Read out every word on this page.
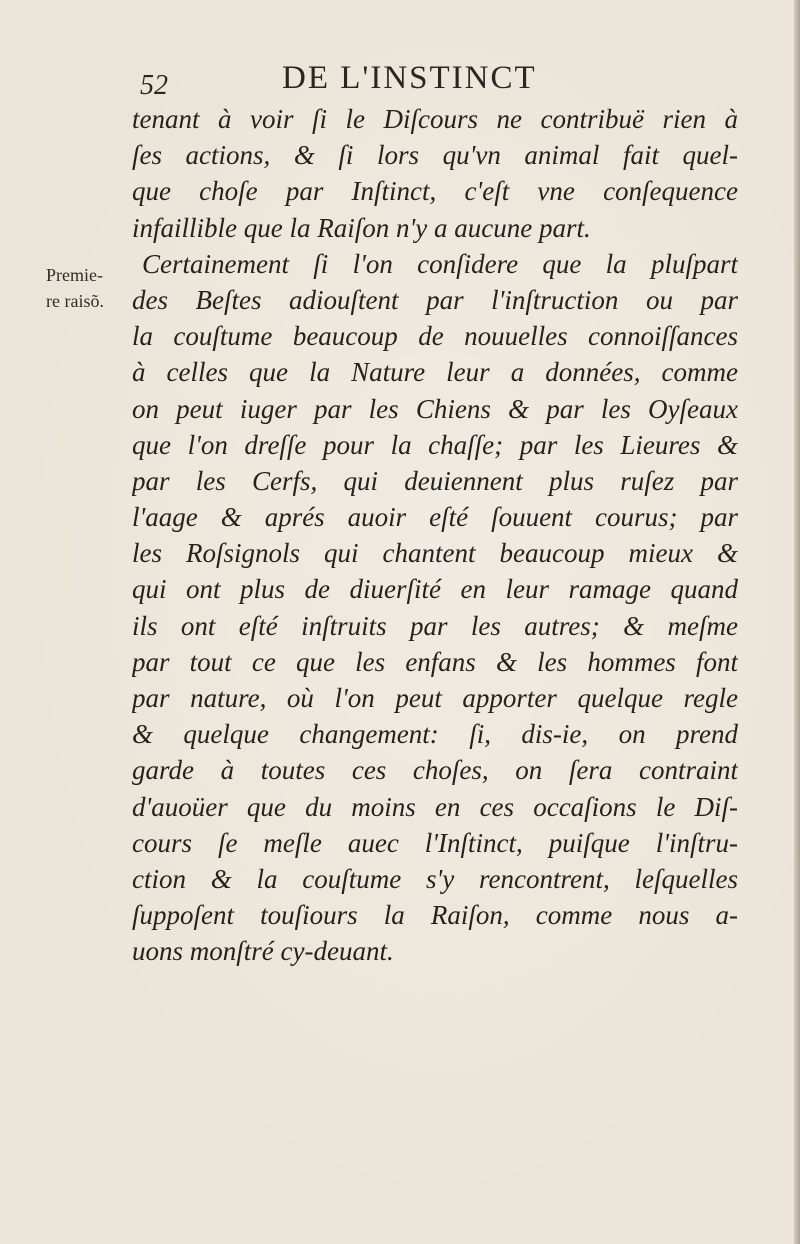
52	DE L'INSTINCT
Premie-
re raisõ.
tenant à voir ſi le Diſcours ne contribuë rien à
ſes actions, & ſi lors qu'vn animal fait quel-
que choſe par Inſtinct, c'eſt vne conſequence
infaillible que la Raiſon n'y a aucune part.
Certainement ſi l'on conſidere que la pluſpart
des Beſtes adiouſtent par l'inſtruction ou par
la couſtume beaucoup de nouuelles connoiſſances
à celles que la Nature leur a données, comme
on peut iuger par les Chiens & par les Oyſeaux
que l'on dreſſe pour la chaſſe; par les Lieures &
par les Cerfs, qui deuiennent plus ruſez par
l'aage & aprés auoir eſté ſouuent courus; par
les Roſsignols qui chantent beaucoup mieux &
qui ont plus de diuerſité en leur ramage quand
ils ont eſté inſtruits par les autres; & meſme
par tout ce que les enfans & les hommes font
par nature, où l'on peut apporter quelque regle
& quelque changement: ſi, dis-ie, on prend
garde à toutes ces choſes, on ſera contraint
d'auoüer que du moins en ces occaſions le Diſ-
cours ſe meſle auec l'Inſtinct, puiſque l'inſtru-
ction & la couſtume s'y rencontrent, leſquelles
ſuppoſent touſiours la Raiſon, comme nous a-
uons monſtré cy-deuant.
